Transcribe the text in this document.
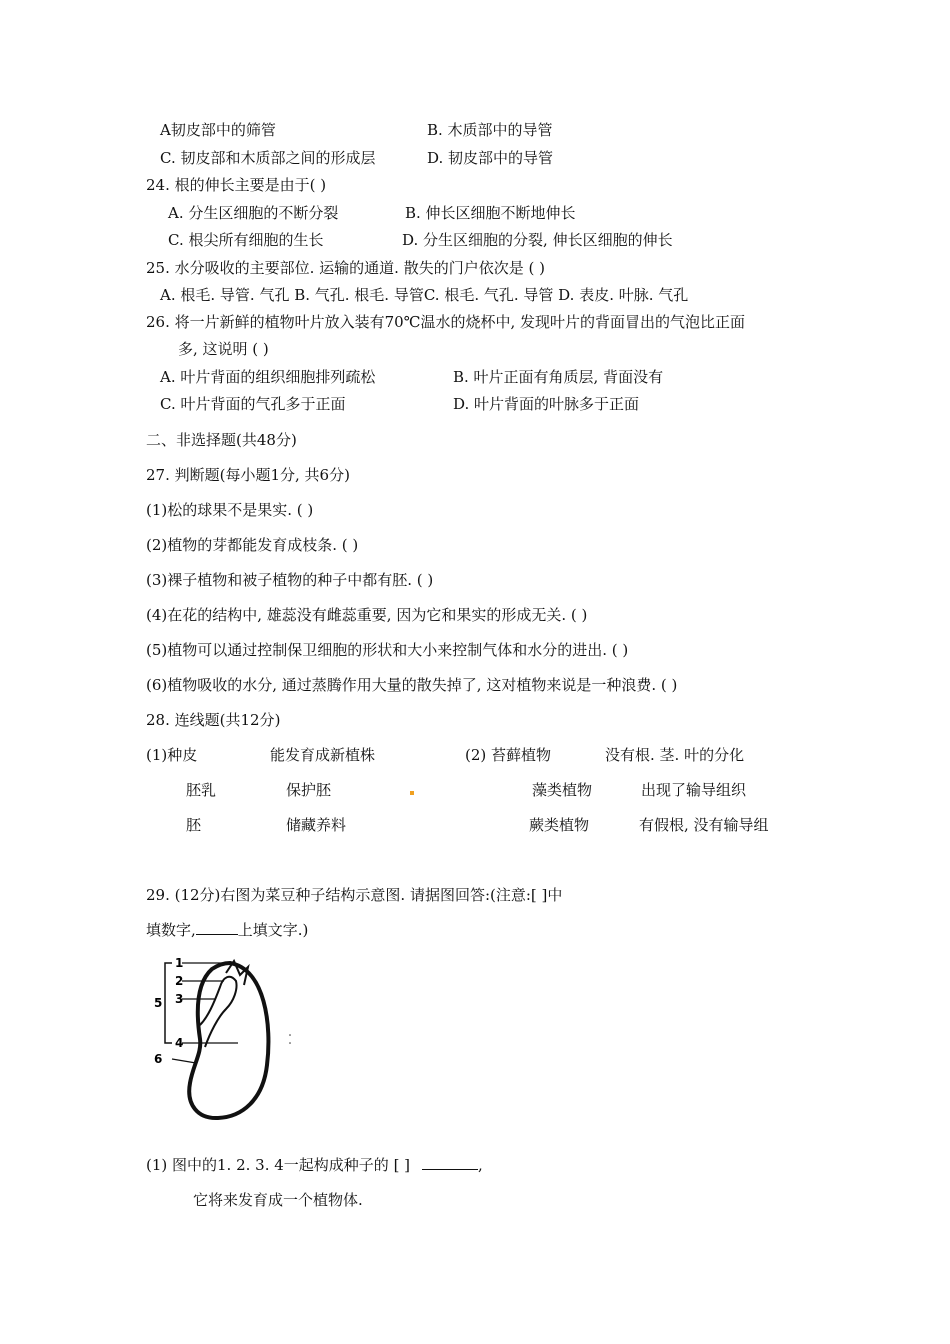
A韧皮部中的筛管	B. 木质部中的导管
C. 韧皮部和木质部之间的形成层	D. 韧皮部中的导管
24. 根的伸长主要是由于( )
A. 分生区细胞的不断分裂	B. 伸长区细胞不断地伸长
C. 根尖所有细胞的生长	D. 分生区细胞的分裂, 伸长区细胞的伸长
25. 水分吸收的主要部位. 运输的通道. 散失的门户依次是 ( )
A. 根毛. 导管. 气孔 B. 气孔. 根毛. 导管C. 根毛. 气孔. 导管 D. 表皮. 叶脉. 气孔
26. 将一片新鲜的植物叶片放入装有70℃温水的烧杯中, 发现叶片的背面冒出的气泡比正面
多, 这说明 ( )
A. 叶片背面的组织细胞排列疏松	B. 叶片正面有角质层, 背面没有
C. 叶片背面的气孔多于正面	D. 叶片背面的叶脉多于正面
二、非选择题(共48分)
27. 判断题(每小题1分, 共6分)
(1)松的球果不是果实. ( )
(2)植物的芽都能发育成枝条. ( )
(3)裸子植物和被子植物的种子中都有胚. ( )
(4)在花的结构中, 雄蕊没有雌蕊重要, 因为它和果实的形成无关. ( )
(5)植物可以通过控制保卫细胞的形状和大小来控制气体和水分的进出. ( )
(6)植物吸收的水分, 通过蒸腾作用大量的散失掉了, 这对植物来说是一种浪费. ( )
28. 连线题(共12分)
(1)种皮	能发育成新植株	(2) 苔藓植物	没有根. 茎. 叶的分化
胚乳	保护胚	藻类植物	出现了输导组织
胚	储藏养料	蕨类植物	有假根, 没有输导组
29. (12分)右图为菜豆种子结构示意图. 请据图回答:(注意:[ ]中
填数字,	上填文字.)
1
2
3
4
5
6
(1) 图中的1. 2. 3. 4一起构成种子的 [ ]	,
它将来发育成一个植物体.
